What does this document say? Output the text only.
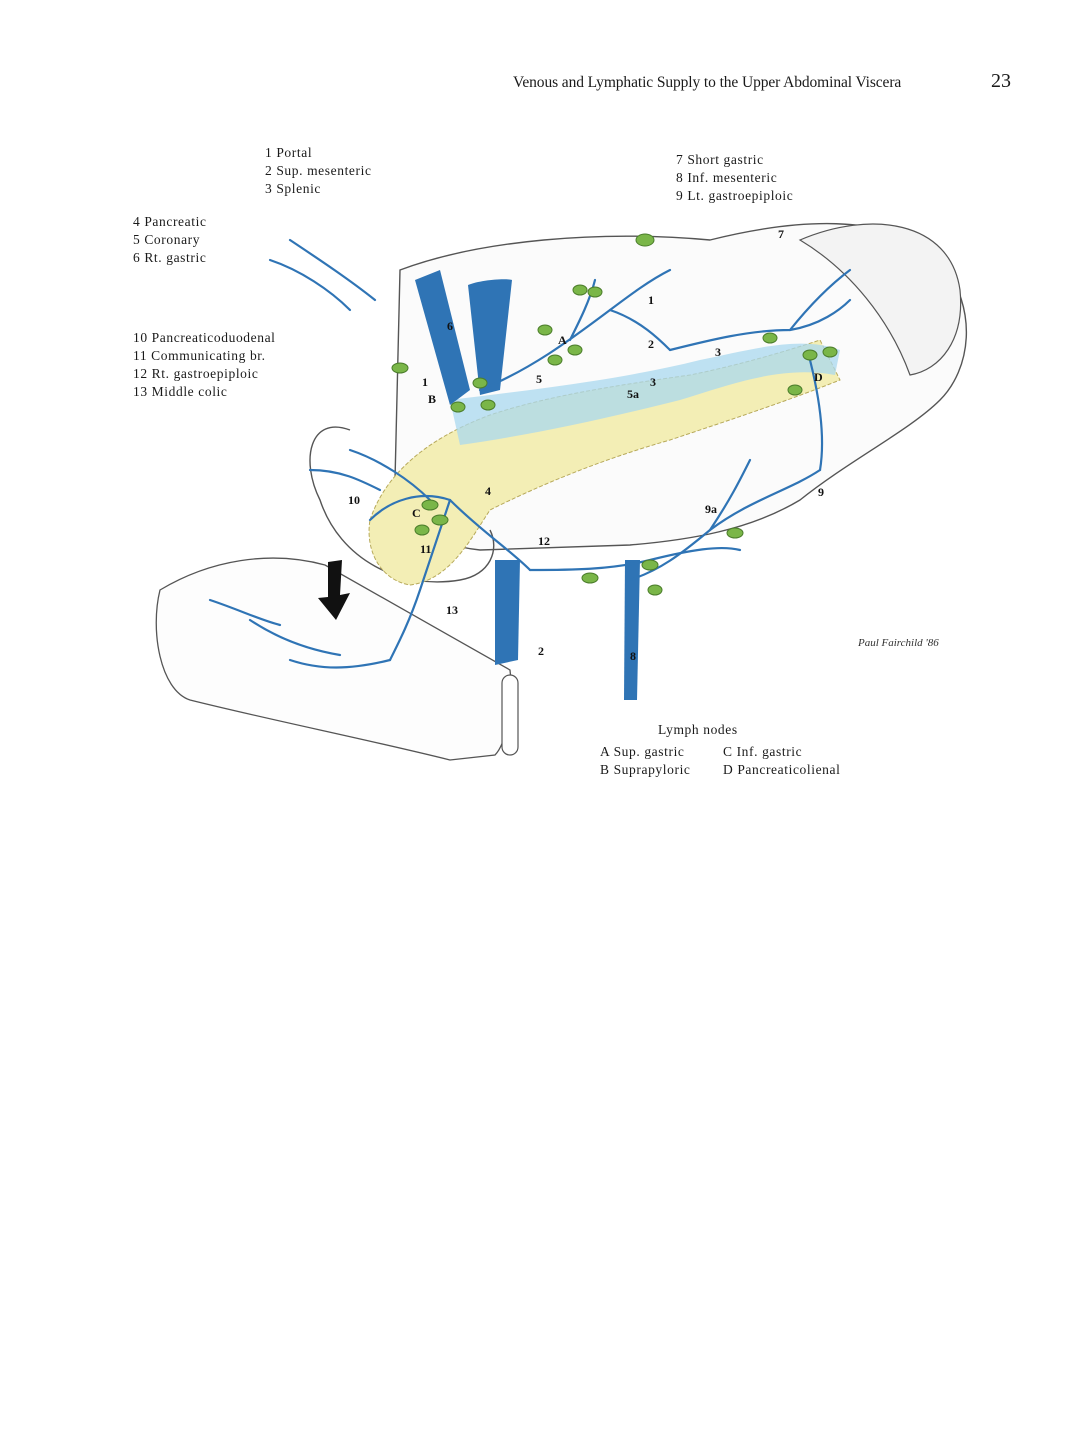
Venous and Lymphatic Supply to the Upper Abdominal Viscera	23
1 Portal
2 Sup. mesenteric
3 Splenic
4 Pancreatic
5 Coronary
6 Rt. gastric
10 Pancreaticoduodenal
11 Communicating br.
12 Rt. gastroepiploic
13 Middle colic
7 Short gastric
8 Inf. mesenteric
9 Lt. gastroepiploic
1
2
3
3
4
5
5a
6
7
8
9
9a
10
11
12
13
1
2
A
B
C
D
Paul Fairchild '86
Lymph nodes
A Sup. gastric	C Inf. gastric
B Suprapyloric D Pancreaticolienal
